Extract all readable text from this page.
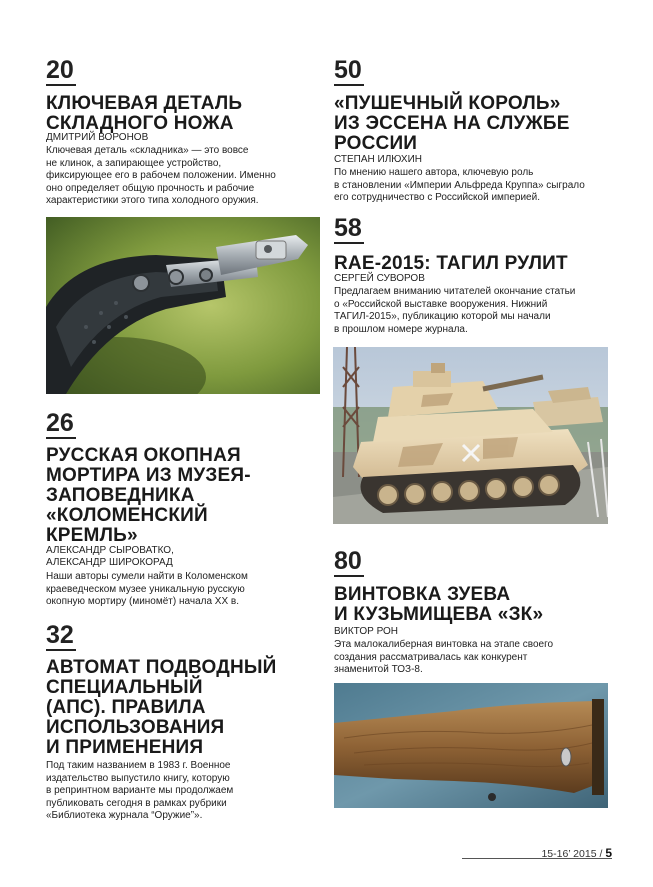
20
КЛЮЧЕВАЯ ДЕТАЛЬ
СКЛАДНОГО НОЖА
ДМИТРИЙ ВОРОНОВ
Ключевая деталь «складника» — это вовсе
не клинок, а запирающее устройство,
фиксирующее его в рабочем положении. Именно
оно определяет общую прочность и рабочие
характеристики этого типа холодного оружия.
26
РУССКАЯ ОКОПНАЯ
МОРТИРА ИЗ МУЗЕЯ-
ЗАПОВЕДНИКА
«КОЛОМЕНСКИЙ
КРЕМЛЬ»
АЛЕКСАНДР СЫРОВАТКО,
АЛЕКСАНДР ШИРОКОРАД
Наши авторы сумели найти в Коломенском
краеведческом музее уникальную русскую
окопную мортиру (миномёт) начала XX в.
32
АВТОМАТ ПОДВОДНЫЙ
СПЕЦИАЛЬНЫЙ
(АПС). ПРАВИЛА
ИСПОЛЬЗОВАНИЯ
И ПРИМЕНЕНИЯ
Под таким названием в 1983 г. Военное
издательство выпустило книгу, которую
в репринтном варианте мы продолжаем
публиковать сегодня в рамках рубрики
«Библиотека журнала “Оружие”».
50
«ПУШЕЧНЫЙ КОРОЛЬ»
ИЗ ЭССЕНА НА СЛУЖБЕ
РОССИИ
СТЕПАН ИЛЮХИН
По мнению нашего автора, ключевую роль
в становлении «Империи Альфреда Круппа» сыграло
его сотрудничество с Российской империей.
58
RAE-2015: ТАГИЛ РУЛИТ
СЕРГЕЙ СУВОРОВ
Предлагаем вниманию читателей окончание статьи
о «Российской выставке вооружения. Нижний
ТАГИЛ-2015», публикацию которой мы начали
в прошлом номере журнала.
80
ВИНТОВКА ЗУЕВА
И КУЗЬМИЩЕВА «ЗК»
ВИКТОР РОН
Эта малокалиберная винтовка на этапе своего
создания рассматривалась как конкурент
знаменитой ТОЗ-8.
15-16’ 2015 / 5
